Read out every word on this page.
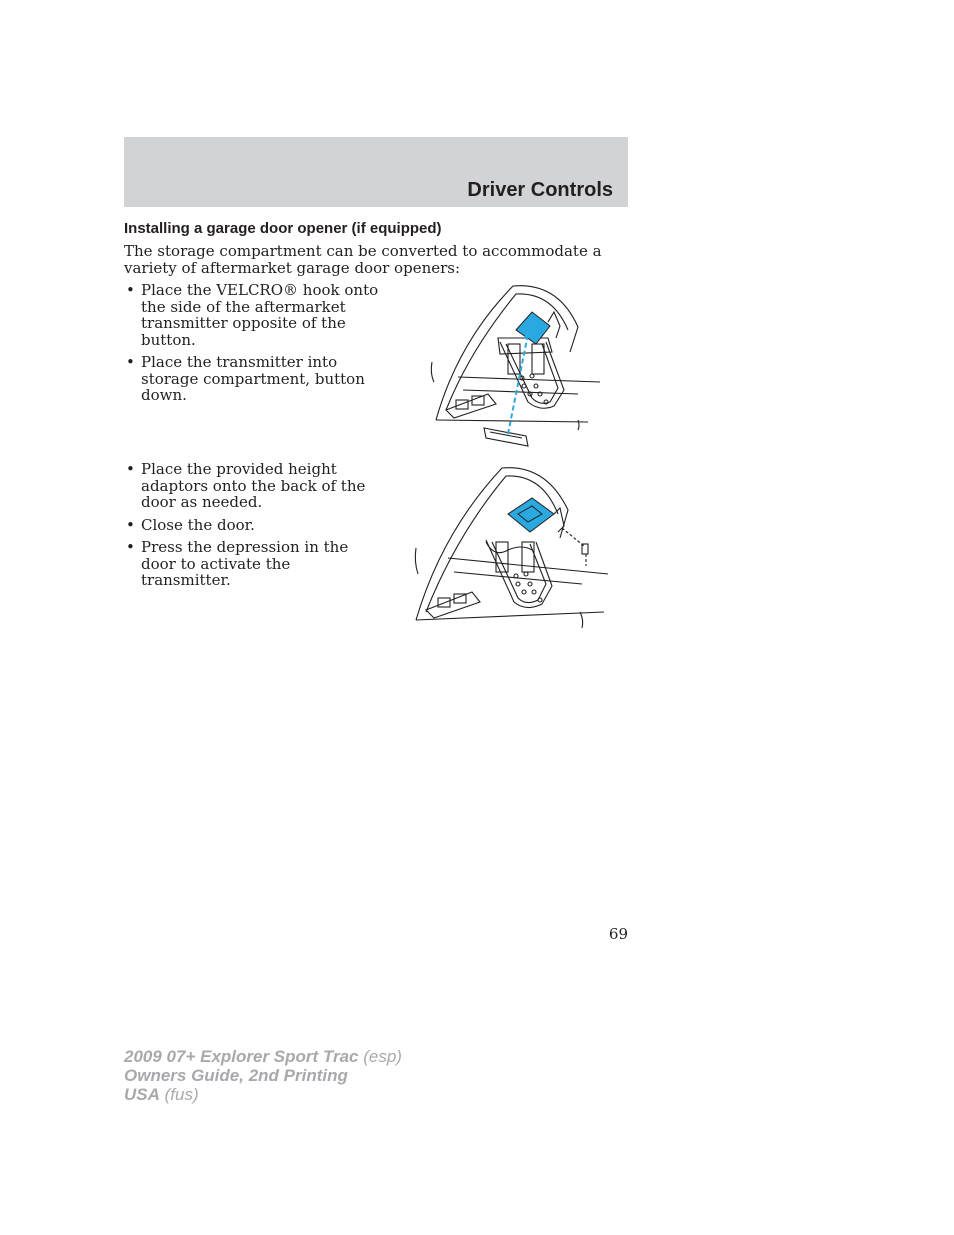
Driver Controls
Installing a garage door opener (if equipped)
The storage compartment can be converted to accommodate a variety of aftermarket garage door openers:
• Place the VELCRO® hook onto the side of the aftermarket transmitter opposite of the button.
• Place the transmitter into storage compartment, button down.
• Place the provided height adaptors onto the back of the door as needed.
• Close the door.
• Press the depression in the door to activate the transmitter.
69
2009 07+ Explorer Sport Trac (esp)
Owners Guide, 2nd Printing
USA (fus)
